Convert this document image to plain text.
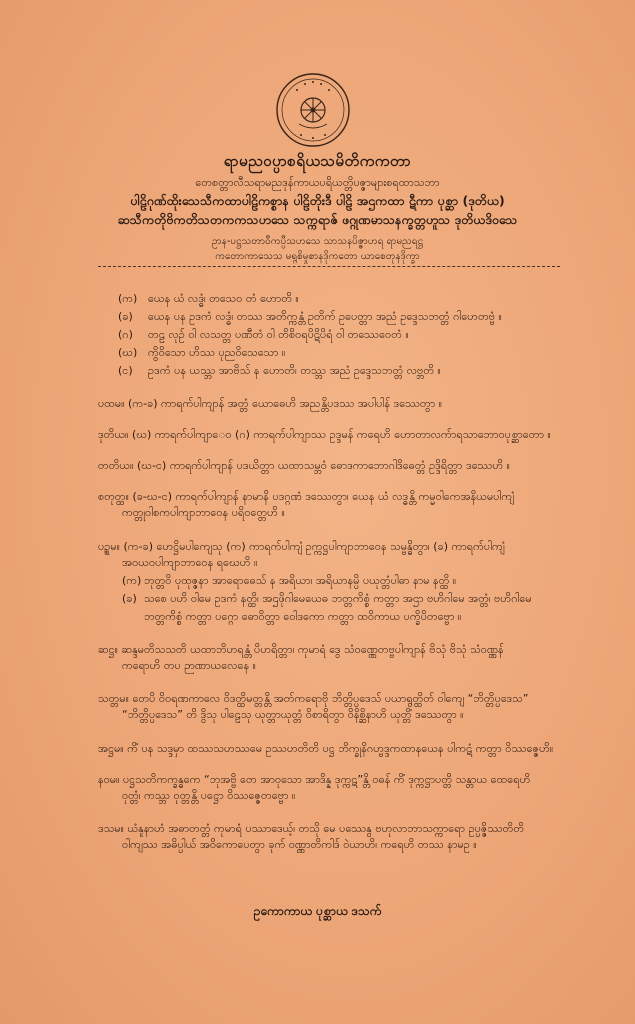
ရာမညဝပ္ပာစရိယသမိတိကကတာ
တေစတ္တာလီသရာမညဒုန်ကာယပရိယတ္တိပဇ္ဇာများစရထာသဘာ
ပါဠိဂုဏ်ထိုးသေသီကထာပါဠိကစ္စာန ပါဠိတိုးဒီ ပါဠိ အဌကထာ ဋီကာ ပုစ္ဆာ (ဒုတိယ)
ဆသီကတိုဗိကတိသတကကသဟသေ သက္ကရာဇ် ဖဂ္ဂုဏမာသနက္ခတ္တဟူသ ဒုတိယဒိဝသေ
ဥာန-ပဋ္ဌသတာဝီကပ္ပီသဟသေ သာသနပိဇ္ဇာဟရ ရာမညရဋ္ဌ
ကတောကာသေသ မရ္ဂစိမှုစာနဒိုကတော ယာစေတုနဒိုက္ခာ
(က) ယေန ယံ လဒ္ဓံ၊ တသေဝ တံ ဟောတိ ။
(ခ) ယေန ပန ဥဒကံ လဒ္ဓံ၊ တဿ အတိက္ကန္တံ ဥတိက် ဥပေတ္တာ အညံ ဥဒ္ဒေသဘတ္တံ ဂါဟေတဗ္ဗံ ။
(ဂ) တဠ လုဥ် ဝါ လသတ္တ ပဏီတံ ဝါ တိစိဝရပိဋိပိရံ ဝါ တဿေဝေတံ ။
(ဃ) ကွိဝိသော ဟိဿ ပုညဝိသေသော ။
(င) ဥဒကံ ပန ယဿ္ဘ အာဗိသ် န ဟောတိ၊ တဿ္ဘ အညံ ဥဒ္ဒေသဘတ္တံ လဗ္ဘတိ ။
ပထမ။ (က-ခ) ကာရက်ပါကျာန် အတ္တံ ယောဓေဟိ အညန္တိပဒဿ အပါပါန် ဒဿေတွာ ။
ဒုတိယ။ (ဃ) ကာရက်ပါကျာေဝ (ဂ) ကာရက်ပါကျာဿ ဥဒ္ဒမန် ကရေဟိ ဟောတာလက်ာရသာဘောဝပုစ္ဆာတော ။
တတိယ။ (ဃ-င) ကာရက်ပါကျာန် ပဒယိတ္တာ ယထာသမ္ဘဝံ ဓောဒကာဘောဂါဒိဓေတ္တံ ဥဒ္ဒိရိတ္တာ ဒဿေဟိ ။
စတုတ္ထ။ (ခ-ဃ-င) ကာရက်ပါကျာန် နာမာနိ ပဒဂ္ဂဏံ ဒဿေတွာ၊ ယေန ယံ လဒ္ဓန္တိ ကမ္မဝါကေအနိယမပါကျံ
ကတ္တုဝါစကပါကျာဘာဝေန ပရိဝတ္တေဟိ ။
ပဉ္စမ။ (က-ခ) ဟေဋ္ဌိမပါကျေသု (က) ကာရက်ပါကျံ ဥက္ကဋ္ဌပါကျာဘာဝေန သမ္ဗန္ဓိတွာ၊ (ခ) ကာရက်ပါကျံ
အဝယဝပါကျာဘာဝေန ရဃေဟိ ။
(က) ဘုတ္တဝိ ပုထုဇ္ဇနာ အာရောဓေသ် န အရိယာ၊ အရိယာနမ္ပိ ပယုတ္တံပါဓာ နာမ နတ္ထိ ။
(ခ) သစေ ပဟိ ဝါမေ ဥဒကံ နတ္ထိ၊ အဌဖိုဂါမေယေဓ ဘတ္တကိစ္စံ ကတ္တာ အဌာ ဗဟိဂါမေ အတ္တံ၊ ဗဟိဂါမေ
ဘတ္တကိစ္စံ ကတ္တာ ပဂ္ဂော ဓောဝိတ္တာ ဝေါဒကော ကတ္တာ ထဝိကာယ ပက္ခိပိတဗ္ဗော ။
ဆဋ္ဌ။ ဆန္ဒမတိသသတိ ယထာဘိဟရန္တံ ပိဟရိတ္တာ၊ ကုမာရံ ဒွေ သံဝဏ္ဏေတဗ္ဗပါကျာန် ဗိသုံ ဗိသုံ သံဝဏ္ဏန်
ကရောဟိ တပ ဉာဏာယလေနေ ။
သတ္တမ။ တေပိ ဝိဝရဏကာလေ ဝိဒတ္ထိမတ္တန္တိ အတ်ကရောဗို ဘိတ္တိပ္ပဒေသ် ပယာရွတ္ထိတ် ဝါကျေ “ဘိတ္တိပ္ပဒေသ”
“ဘိတ္တိပ္ပဒေသ” တိ ဒွိသု ပါဠေသု ယုတ္တာယုတ္တံ ဝိစာရိတွာ ဝိနိစ္ဆိနာဟိ ယုတ္တိံ ဒဿေတွာ ။
အဋ္ဌမ။ ကိံ ပန သဒ္ဒမှာ ထဿသဟဿမေ ဥဿဟတိတိ ပဋ္ဌ ဘိက္ခုနိဂဟ္ဗဒ္ဒကထာနယေန ပါကဋံ ကတ္တာ ဝိဿဇ္ဇေဟိ။
နဝမ။ ပဋ္ဌသတိကက္ခန္ဓကေ “ဘုအဗ္ဗိ တေ အာဝုသော အာဒိန္န ဒုက္ကဋ”န္တိ ဝဓန် ကိံ ဒုက္ကဋ္ဌာပတ္တိ သန္တာယ ထေရေဟိ
ဝုတ္တံ၊ ကဿ္ဘ ဝုတ္တန္တိ ပဋ္ဌော ဝိဿဇ္ဇေတဗ္ဗော ။
ဒသမ။ ယံနူနာဟံ အဓာတတ္တံ ကုမာရံ ပဿာဒေယ့်၊ တသို မေ ပဿေနွ ဗဟုလာဘာသက္ကာရော ဥပ္ပဇ္ဇိဿတိတိ
ဝါကျဿ အဓိပ္ပါယ် အဝိကောပေတွာ ခုက် ဝဏ္ဏာတိကါဒ် ဝဲယာဟိ၊ ကရေဟိ တဿ နာမဥ ။
ဥကောကာယ ပုစ္ဆာယ ဒသက်
